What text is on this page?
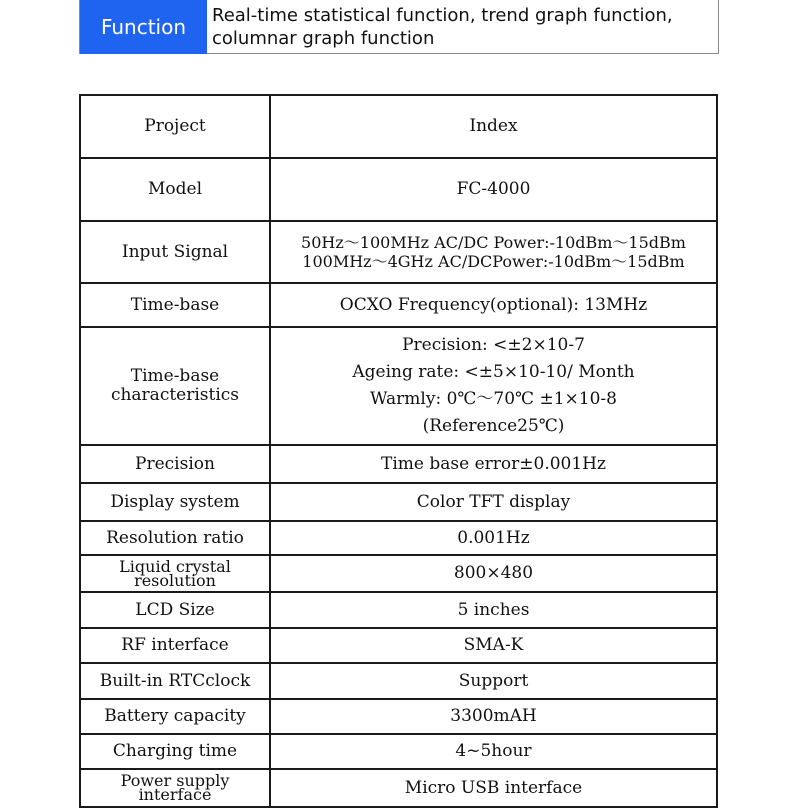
Function	Real-time statistical function, trend graph function,
columnar graph function
Project	Index
Model	FC-4000
Input Signal	50Hz～100MHz AC/DC Power:-10dBm～15dBm
100MHz～4GHz AC/DCPower:-10dBm～15dBm

Time-base	OCXO Frequency(optional): 13MHz

Time-base
characteristics	Precision: <±2×10-7
Ageing rate: <±5×10-10/ Month
Warmly: 0℃～70℃ ±1×10-8
(Reference25℃)

Precision	Time base error±0.001Hz
Display system	Color TFT display
Resolution ratio	0.001Hz

Liquid crystal
resolution	800×480
LCD Size	5 inches
RF interface	SMA-K
Built-in RTCclock	Support
Battery capacity	3300mAH
Charging time	4~5hour

Power supply
interface	Micro USB interface
